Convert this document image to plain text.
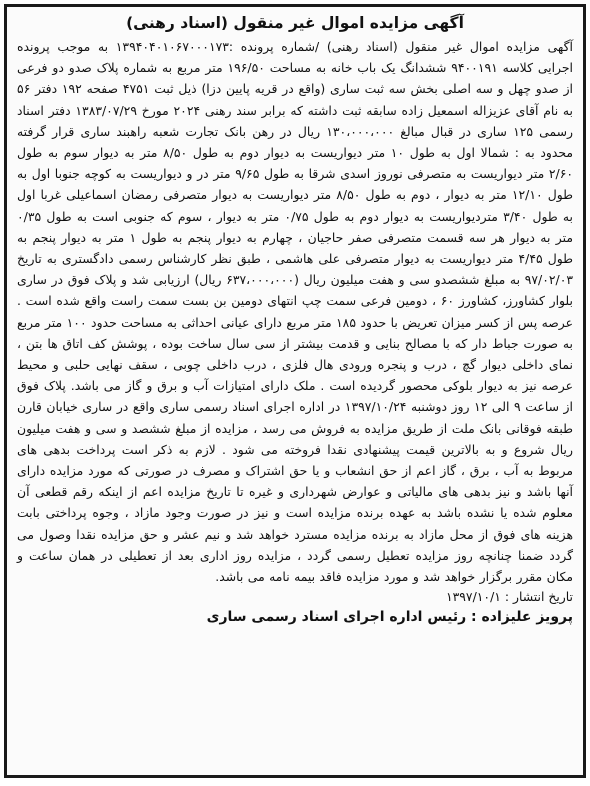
آگهی مزایده اموال غیر منقول (اسناد رهنی)

آگهی مزایده اموال غیر منقول (اسناد رهنی) /شماره پرونده :۱۳۹۴۰۴۰۱۰۶۷۰۰۰۱۷۳ به موجب پرونده اجرایی کلاسه ۹۴۰۰۱۹۱ ششدانگ یک باب خانه به مساحت ۱۹۶/۵۰ متر مربع به شماره پلاک صدو دو فرعی از صدو چهل و سه اصلی بخش سه ثبت ساری (واقع در قریه پایین دزا) ذیل ثبت ۴۷۵۱ صفحه ۱۹۲ دفتر ۵۶ به نام آقای عزیزاله اسمعیل زاده سابقه ثبت داشته که برابر سند رهنی ۲۰۲۴ مورخ ۱۳۸۳/۰۷/۲۹ دفتر اسناد رسمی ۱۲۵ ساری در قبال مبالغ ۱۳۰،۰۰۰،۰۰۰ ریال در رهن بانک تجارت شعبه راهبند ساری قرار گرفته محدود به : شمالا اول به طول ۱۰ متر دیواریست به دیوار دوم به طول ۸/۵۰ متر به دیوار سوم به طول ۲/۶۰ متر دیواریست به متصرفی نوروز اسدی شرقا به طول ۹/۶۵ متر در و دیواریست به کوچه جنوبا اول به طول ۱۲/۱۰ متر به دیوار ، دوم به طول ۸/۵۰ متر دیواریست به دیوار متصرفی رمضان اسماعیلی غربا اول به طول ۳/۴۰ متردیواریست به دیوار دوم به طول ۰/۷۵ متر به دیوار ، سوم که جنوبی است به طول ۰/۳۵ متر به دیوار هر سه قسمت متصرفی صفر حاجیان ، چهارم به دیوار پنجم به طول ۱ متر به دیوار پنجم به طول ۴/۴۵ متر دیواریست به دیوار متصرفی علی هاشمی ، طبق نظر کارشناس رسمی دادگستری به تاریخ ۹۷/۰۲/۰۳ به مبلغ ششصدو سی و هفت میلیون ریال (۶۳۷،۰۰۰،۰۰۰ ریال) ارزیابی شد و پلاک فوق در ساری بلوار کشاورز، کشاورز ۶۰ ، دومین فرعی سمت چپ انتهای دومین بن بست سمت راست واقع شده است . عرصه پس از کسر میزان تعریض با حدود ۱۸۵ متر مربع دارای عیانی احداثی به مساحت حدود ۱۰۰ متر مربع به صورت جباط دار که با مصالح بنایی و قدمت بیشتر از سی سال ساخت بوده ، پوشش کف اتاق ها بتن ، نمای داخلی دیوار گچ ، درب و پنجره ورودی هال فلزی ، درب داخلی چوبی ، سقف نهایی حلبی و محیط عرصه نیز به دیوار بلوکی محصور گردیده است . ملک دارای امتیازات آب و برق و گاز می باشد. پلاک فوق از ساعت ۹ الی ۱۲ روز دوشنبه ۱۳۹۷/۱۰/۲۴ در اداره اجرای اسناد رسمی ساری واقع در ساری خیابان قارن طبقه فوقانی بانک ملت از طریق مزایده به فروش می رسد ، مزایده از مبلغ ششصد و سی و هفت میلیون ریال شروع و به بالاترین قیمت پیشنهادی نقدا فروخته می شود . لازم به ذکر است پرداخت بدهی های مربوط به آب ، برق ، گاز اعم از حق انشعاب و یا حق اشتراک و مصرف در صورتی که مورد مزایده دارای آنها باشد و نیز بدهی های مالیاتی و عوارض شهرداری و غیره تا تاریخ مزایده اعم از اینکه رقم قطعی آن معلوم شده یا نشده باشد به عهده برنده مزایده است و نیز در صورت وجود مازاد ، وجوه پرداختی بابت هزینه های فوق از محل مازاد به برنده مزایده مسترد خواهد شد و نیم عشر و حق مزایده نقدا وصول می گردد ضمنا چنانچه روز مزایده تعطیل رسمی گردد ، مزایده روز اداری بعد از تعطیلی در همان ساعت و مکان مقرر برگزار خواهد شد و مورد مزایده فاقد بیمه نامه می باشد.

تاریخ انتشار : ۱۳۹۷/۱۰/۱

پرویز علیزاده : رئیس اداره اجرای اسناد رسمی ساری
